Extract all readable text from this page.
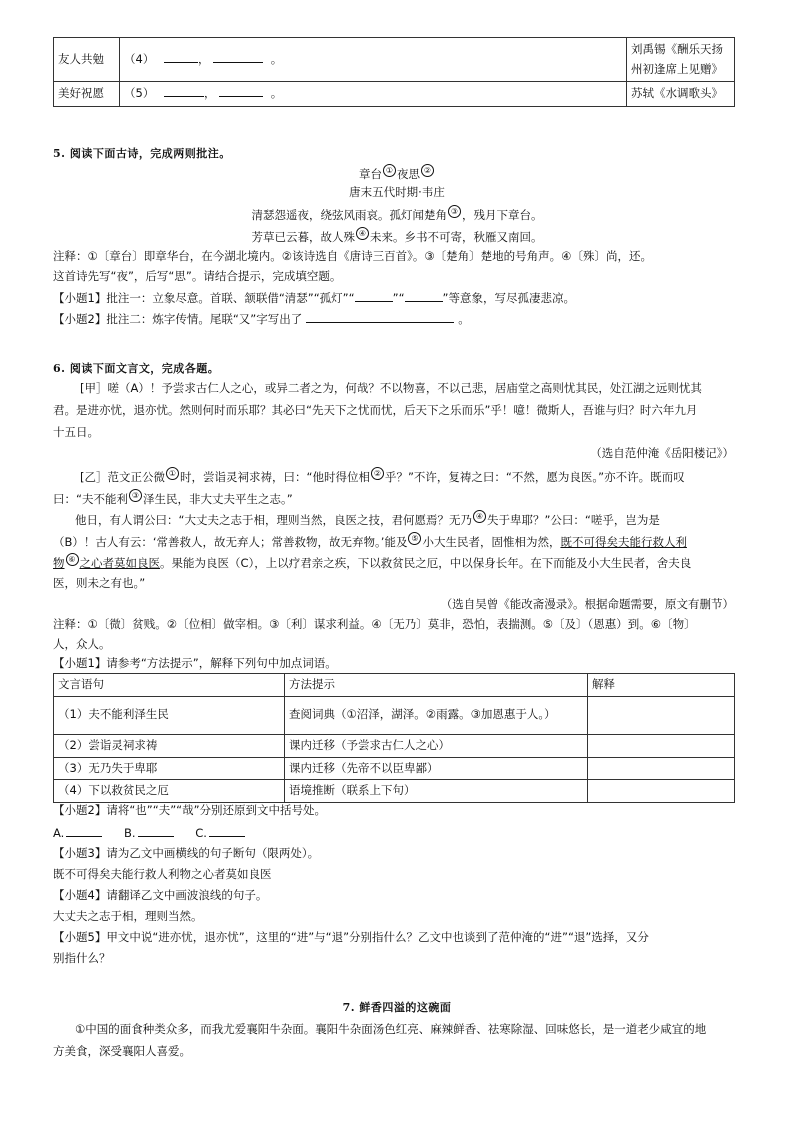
友人共勉	（4） ， 。	刘禹锡《酬乐天扬州初逢席上见赠》
美好祝愿	（5） ， 。	苏轼《水调歌头》
5. 阅读下面古诗，完成两则批注。
章台 ① 夜思 ②
唐末五代时期·韦庄
清瑟怨遥夜，绕弦风雨哀。孤灯闻楚角 ③ ，残月下章台。
芳草已云暮，故人殊 ④ 未来。乡书不可寄，秋雁又南回。
注释：①〔章台〕即章华台，在今湖北境内。②该诗选自《唐诗三百首》。③〔楚角〕楚地的号角声。④〔殊〕尚，还。
这首诗先写“夜”，后写“思”。请结合提示，完成填空题。
【小题1】批注一：立象尽意。首联、颔联借“清瑟”“孤灯”“	”“	”等意象，写尽孤凄悲凉。
【小题2】批注二：炼字传情。尾联“又”字写出了	。
6. 阅读下面文言文，完成各题。
[甲］嗟（A）！予尝求古仁人之心，或异二者之为，何哉？不以物喜，不以己悲，居庙堂之高则忧其民，处江湖之远则忧其
君。是进亦忧，退亦忧。然则何时而乐耶？其必曰“先天下之忧而忧，后天下之乐而乐”乎！噫！微斯人，吾谁与归？时六年九月
十五日。
（选自范仲淹《岳阳楼记》）
[乙］范文正公微 ① 时，尝诣灵祠求祷，曰：“他时得位相 ② 乎？”不许，复祷之曰：“不然，愿为良医。”亦不许。既而叹
曰：“夫不能利 ③ 泽生民，非大丈夫平生之志。”
他日，有人谓公曰：“大丈夫之志于相，理则当然，良医之技，君何愿焉？无乃 ④ 失于卑耶？”公曰：“嗟乎，岂为是
（B）！古人有云：‘常善救人，故无弃人；常善救物，故无弃物。’能及 ⑤ 小大生民者，固惟相为然，既不可得矣夫能行救人利
物 ⑥ 之心者莫如良医。果能为良医（C），上以疗君亲之疾，下以救贫民之厄，中以保身长年。在下而能及小大生民者，舍夫良
医，则未之有也。”
（选自吴曾《能改斋漫录》。根据命题需要，原文有删节）
注释：①〔微〕贫贱。②〔位相〕做宰相。③〔利〕谋求利益。④〔无乃〕莫非，恐怕，表揣测。⑤〔及〕（恩惠）到。⑥〔物〕
人，众人。
【小题1】请参考“方法提示”，解释下列句中加点词语。
文言语句	方法提示	解释
（1）夫不能利泽生民	查阅词典（①沼泽，湖泽。②雨露。③加恩惠于人。）	
（2）尝诣灵祠求祷	课内迁移（予尝求古仁人之心）	
（3）无乃失于卑耶	课内迁移（先帝不以臣卑鄙）	
（4）下以救贫民之厄	语境推断（联系上下句）	
【小题2】请将“也”“夫”“哉”分别还原到文中括号处。
A.	B.	C.
【小题3】请为乙文中画横线的句子断句（限两处）。
既不可得矣夫能行救人利物之心者莫如良医
【小题4】请翻译乙文中画波浪线的句子。
大丈夫之志于相，理则当然。
【小题5】甲文中说“进亦忧，退亦忧”，这里的“进”与“退”分别指什么？乙文中也谈到了范仲淹的“进”“退”选择，又分
别指什么？
7. 鲜香四溢的这碗面
①中国的面食种类众多，而我尤爱襄阳牛杂面。襄阳牛杂面汤色红亮、麻辣鲜香、祛寒除湿、回味悠长，是一道老少咸宜的地
方美食，深受襄阳人喜爱。
